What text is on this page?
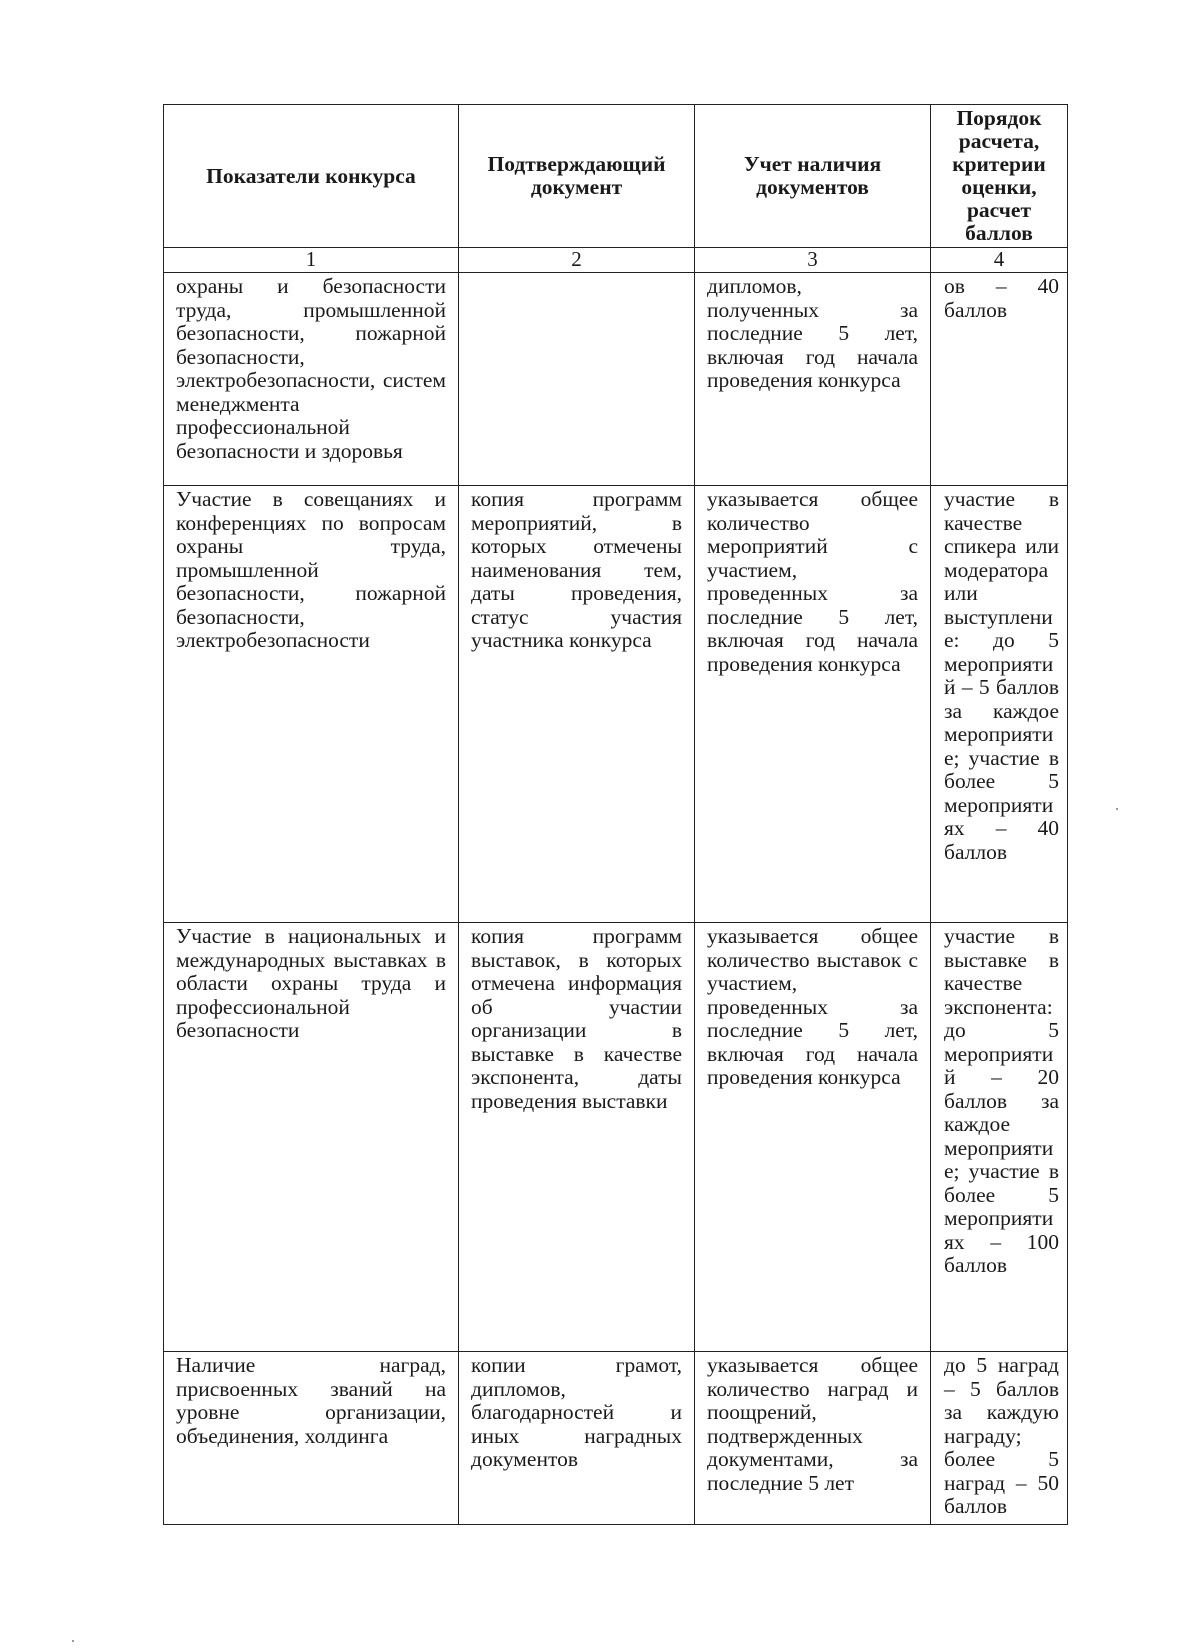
Показатели конкурса	Подтверждающий документ	Учет наличия документов	Порядок расчета, критерии оценки, расчет баллов
1	2	3	4
охраны и безопасности труда, промышленной безопасности, пожарной безопасности, электробезопасности, систем менеджмента профессиональной безопасности и здоровья		дипломов, полученных за последние 5 лет, включая год начала проведения конкурса	ов – 40 баллов
Участие в совещаниях и конференциях по вопросам охраны труда, промышленной безопасности, пожарной безопасности, электробезопасности	копия программ мероприятий, в которых отмечены наименования тем, даты проведения, статус участия участника конкурса	указывается общее количество мероприятий с участием, проведенных за последние 5 лет, включая год начала проведения конкурса	участие в качестве спикера или модератора или выступлени е: до 5 мероприяти й – 5 баллов за каждое мероприяти е; участие в более 5 мероприяти ях – 40 баллов
Участие в национальных и международных выставках в области охраны труда и профессиональной безопасности	копия программ выставок, в которых отмечена информация об участии организации в выставке в качестве экспонента, даты проведения выставки	указывается общее количество выставок с участием, проведенных за последние 5 лет, включая год начала проведения конкурса	участие в выставке в качестве экспонента: до 5 мероприяти й – 20 баллов за каждое мероприяти е; участие в более 5 мероприяти ях – 100 баллов
Наличие наград, присвоенных званий на уровне организации, объединения, холдинга	копии грамот, дипломов, благодарностей и иных наградных документов	указывается общее количество наград и поощрений, подтвержденных документами, за последние 5 лет	до 5 наград – 5 баллов за каждую награду; более 5 наград – 50 баллов
